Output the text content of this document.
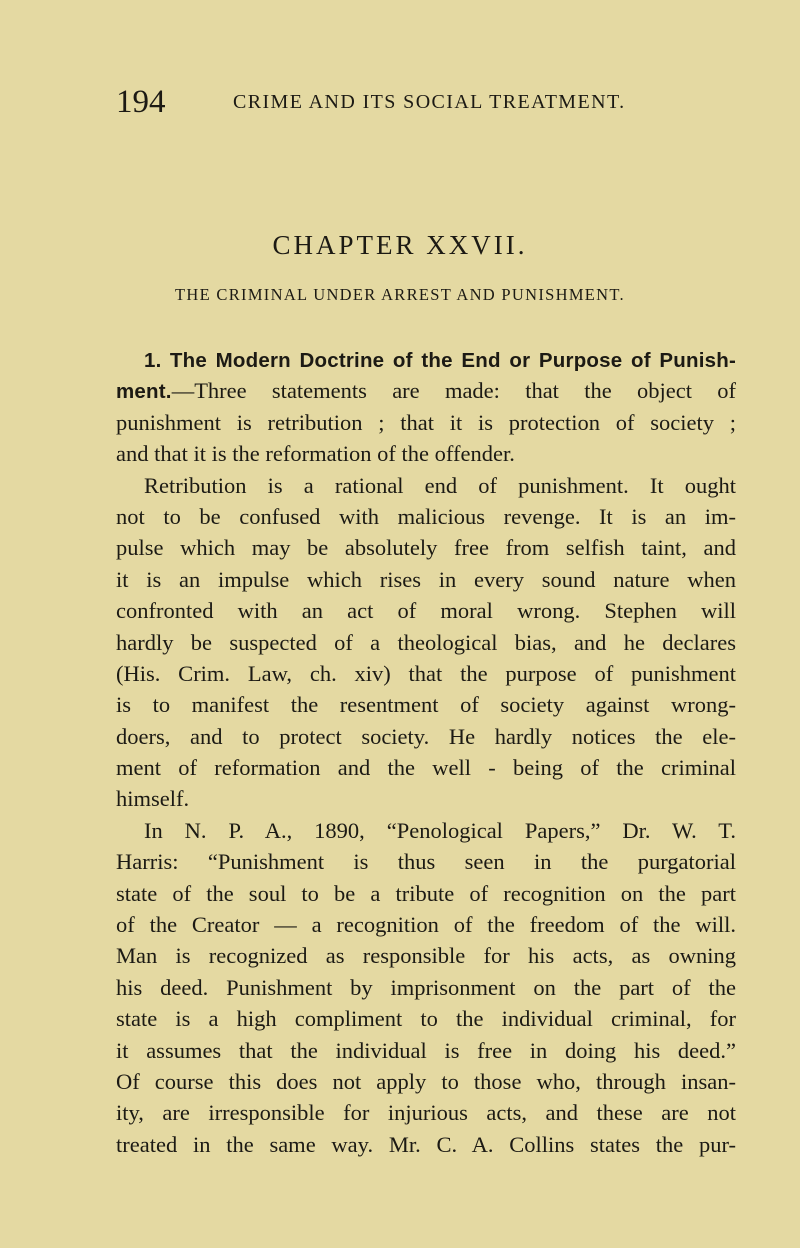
194	CRIME AND ITS SOCIAL TREATMENT.
CHAPTER XXVII.
THE CRIMINAL UNDER ARREST AND PUNISHMENT.
1. The Modern Doctrine of the End or Purpose of Punish-
ment.—Three statements are made: that the object of
punishment is retribution ; that it is protection of society ;
and that it is the reformation of the offender.
Retribution is a rational end of punishment. It ought
not to be confused with malicious revenge. It is an im-
pulse which may be absolutely free from selfish taint, and
it is an impulse which rises in every sound nature when
confronted with an act of moral wrong. Stephen will
hardly be suspected of a theological bias, and he declares
(His. Crim. Law, ch. xiv) that the purpose of punishment
is to manifest the resentment of society against wrong-
doers, and to protect society. He hardly notices the ele-
ment of reformation and the well - being of the criminal
himself.
In N. P. A., 1890, “Penological Papers,” Dr. W. T.
Harris: “Punishment is thus seen in the purgatorial
state of the soul to be a tribute of recognition on the part
of the Creator — a recognition of the freedom of the will.
Man is recognized as responsible for his acts, as owning
his deed. Punishment by imprisonment on the part of the
state is a high compliment to the individual criminal, for
it assumes that the individual is free in doing his deed.”
Of course this does not apply to those who, through insan-
ity, are irresponsible for injurious acts, and these are not
treated in the same way. Mr. C. A. Collins states the pur-
